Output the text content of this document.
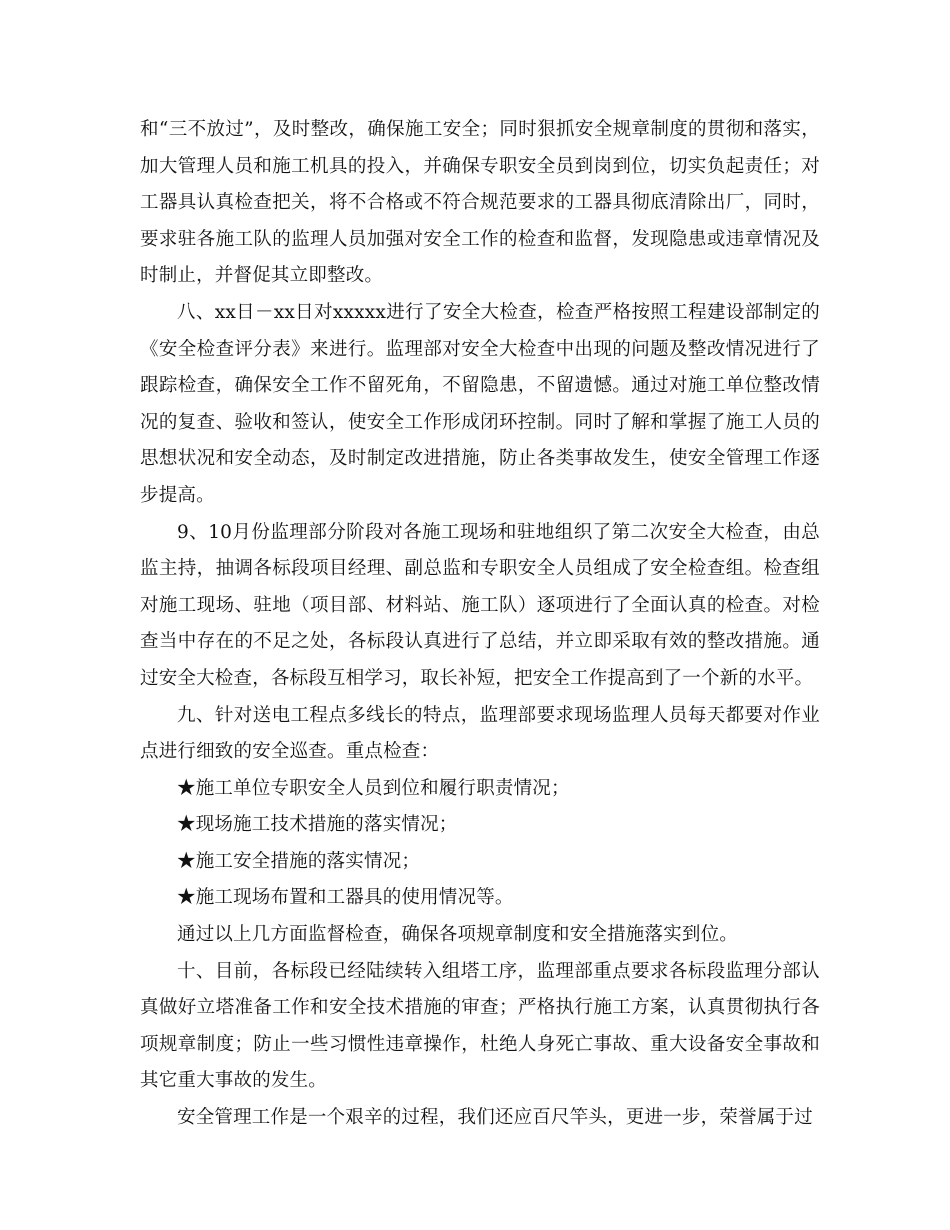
和“三不放过”，及时整改，确保施工安全；同时狠抓安全规章制度的贯彻和落实，加大管理人员和施工机具的投入，并确保专职安全员到岗到位，切实负起责任；对工器具认真检查把关，将不合格或不符合规范要求的工器具彻底清除出厂，同时，要求驻各施工队的监理人员加强对安全工作的检查和监督，发现隐患或违章情况及时制止，并督促其立即整改。

八、xx日－xx日对xxxxx进行了安全大检查，检查严格按照工程建设部制定的《安全检查评分表》来进行。监理部对安全大检查中出现的问题及整改情况进行了跟踪检查，确保安全工作不留死角，不留隐患，不留遗憾。通过对施工单位整改情况的复查、验收和签认，使安全工作形成闭环控制。同时了解和掌握了施工人员的思想状况和安全动态，及时制定改进措施，防止各类事故发生，使安全管理工作逐步提高。

9、10月份监理部分阶段对各施工现场和驻地组织了第二次安全大检查，由总监主持，抽调各标段项目经理、副总监和专职安全人员组成了安全检查组。检查组对施工现场、驻地（项目部、材料站、施工队）逐项进行了全面认真的检查。对检查当中存在的不足之处，各标段认真进行了总结，并立即采取有效的整改措施。通过安全大检查，各标段互相学习，取长补短，把安全工作提高到了一个新的水平。

九、针对送电工程点多线长的特点，监理部要求现场监理人员每天都要对作业点进行细致的安全巡查。重点检查：

★施工单位专职安全人员到位和履行职责情况；

★现场施工技术措施的落实情况；

★施工安全措施的落实情况；

★施工现场布置和工器具的使用情况等。

通过以上几方面监督检查，确保各项规章制度和安全措施落实到位。

十、目前，各标段已经陆续转入组塔工序，监理部重点要求各标段监理分部认真做好立塔准备工作和安全技术措施的审查；严格执行施工方案，认真贯彻执行各项规章制度；防止一些习惯性违章操作，杜绝人身死亡事故、重大设备安全事故和其它重大事故的发生。

安全管理工作是一个艰辛的过程，我们还应百尺竿头，更进一步，荣誉属于过
